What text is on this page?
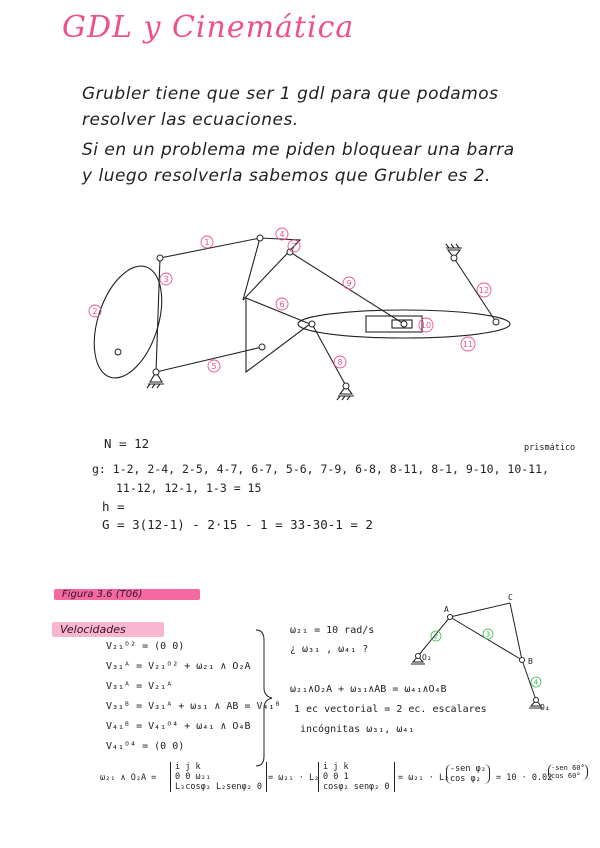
GDL y Cinemática
Grubler tiene que ser 1 gdl para que podamos
resolver las ecuaciones.
Si en un problema me piden bloquear una barra
y luego resolverla sabemos que Grubler es 2.
1
2
3
4
5
6
7
8
9
10
11
12
N = 12	prismático
g: 1-2, 2-4, 2-5, 4-7, 6-7, 5-6, 7-9, 6-8, 8-11, 8-1, 9-10, 10-11,
11-12, 12-1, 1-3 = 15
h =
G = 3(12-1) - 2·15 - 1 = 33-30-1 = 2
Figura 3.6 (T06)
Velocidades
V₂₁ᴼ² = (0 0)
V₃₁ᴬ = V₂₁ᴼ² + ω₂₁ ∧ O₂A
V₃₁ᴬ = V₂₁ᴬ
V₃₁ᴮ = V₃₁ᴬ + ω₃₁ ∧ AB = V₄₁ᴮ
V₄₁ᴮ = V₄₁ᴼ⁴ + ω₄₁ ∧ O₄B
V₄₁ᴼ⁴ = (0 0)
A
C
B
O₂
O₄
2	3
4
ω₂₁ = 10 rad/s
¿ ω₃₁ , ω₄₁ ?
ω₂₁∧O₂A + ω₃₁∧AB = ω₄₁∧O₄B
1 ec vectorial = 2 ec. escalares
incógnitas ω₃₁, ω₄₁
ω₂₁ ∧ O₂A =
i j k
0 0 ω₂₁
L₂cosφ₂ L₂senφ₂ 0
= ω₂₁ · L₂
i j k
0 0 1
cosφ₂ senφ₂ 0
= ω₂₁ · L₂
-sen φ₂
cos φ₂	= 10 · 0.02
-sen 60°
cos 60°
